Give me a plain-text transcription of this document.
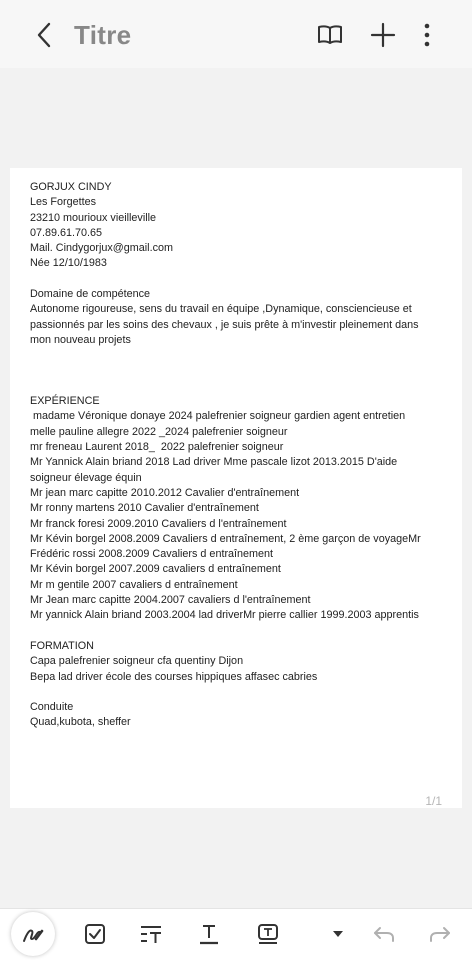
Titre
GORJUX CINDY
Les Forgettes
23210 mourioux vieilleville
07.89.61.70.65
Mail. Cindygorjux@gmail.com
Née 12/10/1983
Domaine de compétence
Autonome rigoureuse, sens du travail en équipe ,Dynamique, consciencieuse et
passionnés par les soins des chevaux , je suis prête à m'investir pleinement dans
mon nouveau projets
EXPÉRIENCE
madame Véronique donaye 2024 palefrenier soigneur gardien agent entretien
melle pauline allegre 2022 _2024 palefrenier soigneur
mr freneau Laurent 2018_  2022 palefrenier soigneur
Mr Yannick Alain briand 2018 Lad driver Mme pascale lizot 2013.2015 D'aide
soigneur élevage équin
Mr jean marc capitte 2010.2012 Cavalier d'entraînement
Mr ronny martens 2010 Cavalier d'entraînement
Mr franck foresi 2009.2010 Cavaliers d l'entraînement
Mr Kévin borgel 2008.2009 Cavaliers d entraînement, 2 ème garçon de voyageMr
Frédéric rossi 2008.2009 Cavaliers d entraînement
Mr Kévin borgel 2007.2009 cavaliers d entraînement
Mr m gentile 2007 cavaliers d entraînement
Mr Jean marc capitte 2004.2007 cavaliers d l'entraînement
Mr yannick Alain briand 2003.2004 lad driverMr pierre callier 1999.2003 apprentis
FORMATION
Capa palefrenier soigneur cfa quentiny Dijon
Bepa lad driver école des courses hippiques affasec cabries
Conduite
Quad,kubota, sheffer
1/1
